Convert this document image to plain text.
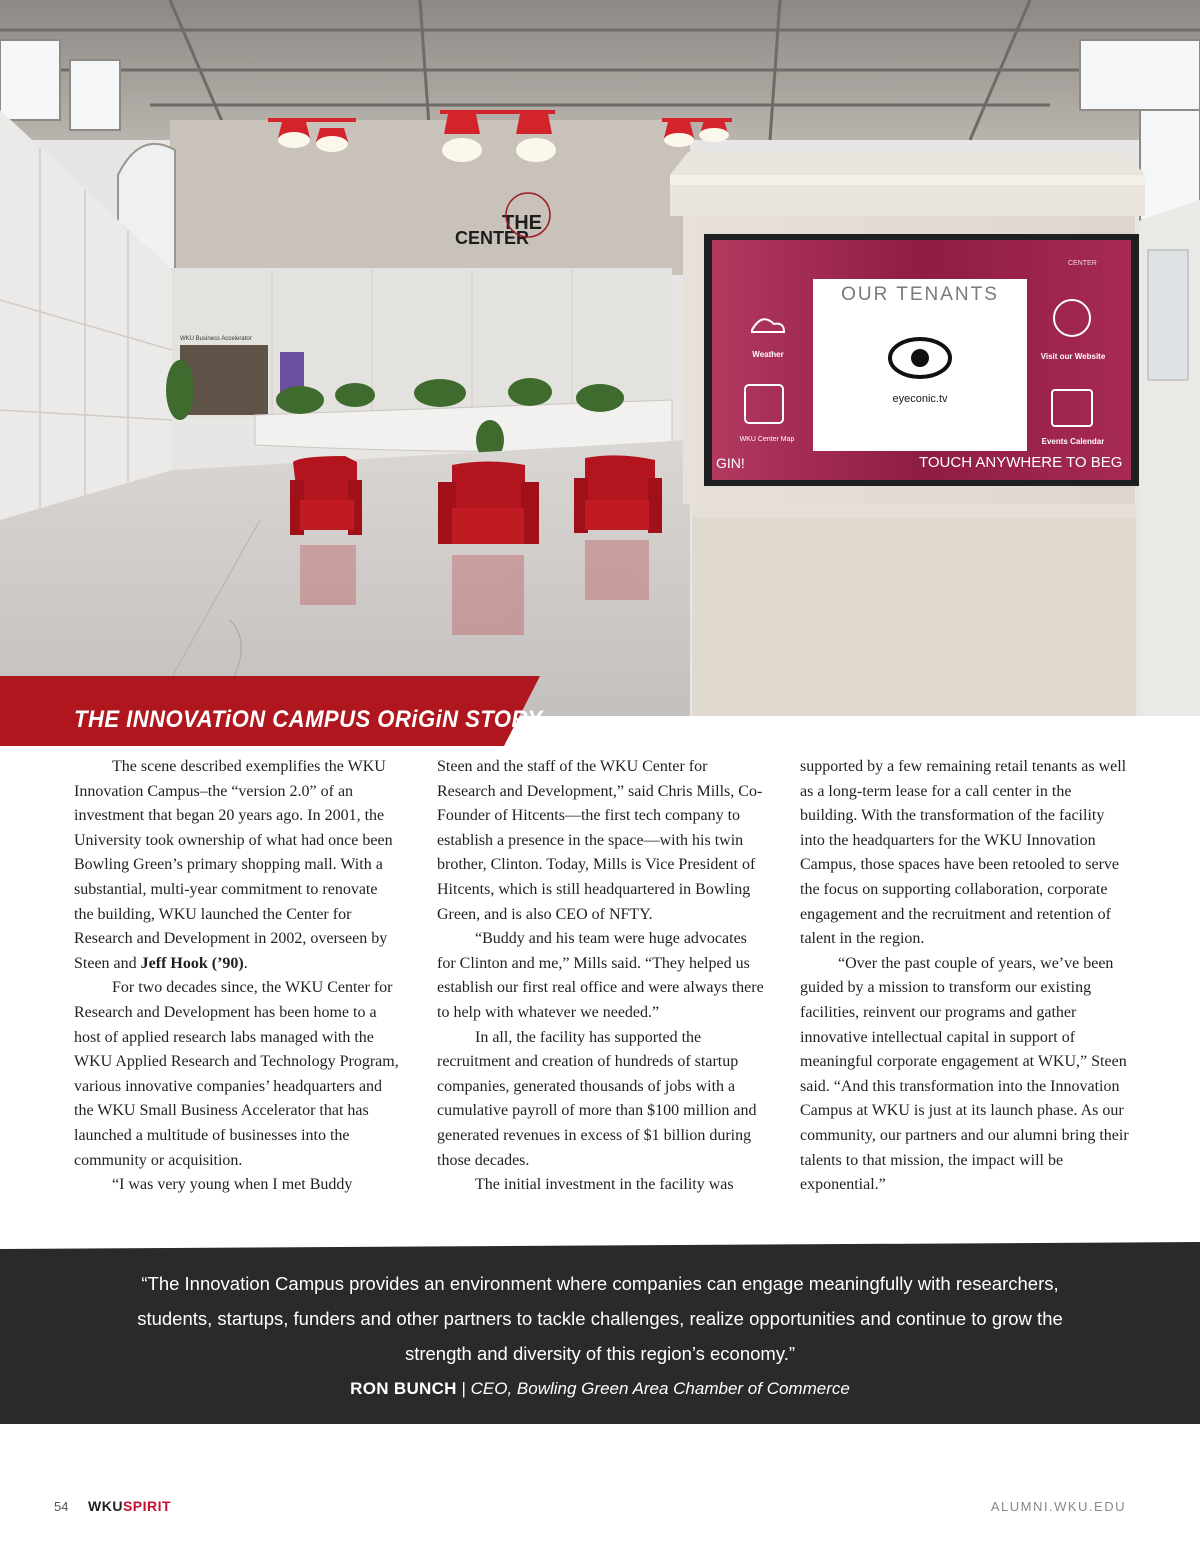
THE
CENTER
WKU Business Accelerator
OUR TENANTS
eyeconic.tv
Weather	Visit our Website
WKU Center Map	Events Calendar
GIN!	TOUCH ANYWHERE TO BEG
CENTER
THE INNOVATiON CAMPUS ORiGiN STORY

The scene described exemplifies the WKU Innovation Campus–the “version 2.0” of an investment that began 20 years ago. In 2001, the University took ownership of what had once been Bowling Green’s primary shopping mall. With a substantial, multi-year commitment to renovate the building, WKU launched the Center for Research and Development in 2002, overseen by Steen and Jeff Hook (’90).

For two decades since, the WKU Center for Research and Development has been home to a host of applied research labs managed with the WKU Applied Research and Technology Program, various innovative companies’ headquarters and the WKU Small Business Accelerator that has launched a multitude of businesses into the community or acquisition.

“I was very young when I met Buddy

Steen and the staff of the WKU Center for Research and Development,” said Chris Mills, Co-Founder of Hitcents—the first tech company to establish a presence in the space—with his twin brother, Clinton. Today, Mills is Vice President of Hitcents, which is still headquartered in Bowling Green, and is also CEO of NFTY.

“Buddy and his team were huge advocates for Clinton and me,” Mills said. “They helped us establish our first real office and were always there to help with whatever we needed.”

In all, the facility has supported the recruitment and creation of hundreds of startup companies, generated thousands of jobs with a cumulative payroll of more than $100 million and generated revenues in excess of $1 billion during those decades.

The initial investment in the facility was

supported by a few remaining retail tenants as well as a long-term lease for a call center in the building. With the transformation of the facility into the headquarters for the WKU Innovation Campus, those spaces have been retooled to serve the focus on supporting collaboration, corporate engagement and the recruitment and retention of talent in the region.

“Over the past couple of years, we’ve been guided by a mission to transform our existing facilities, reinvent our programs and gather innovative intellectual capital in support of meaningful corporate engagement at WKU,” Steen said. “And this transformation into the Innovation Campus at WKU is just at its launch phase. As our community, our partners and our alumni bring their talents to that mission, the impact will be exponential.”

“The Innovation Campus provides an environment where companies can engage meaningfully with researchers, students, startups, funders and other partners to tackle challenges, realize opportunities and continue to grow the strength and diversity of this region’s economy.”
RON BUNCH | CEO, Bowling Green Area Chamber of Commerce
54 WKUSPIRIT	ALUMNI.WKU.EDU
